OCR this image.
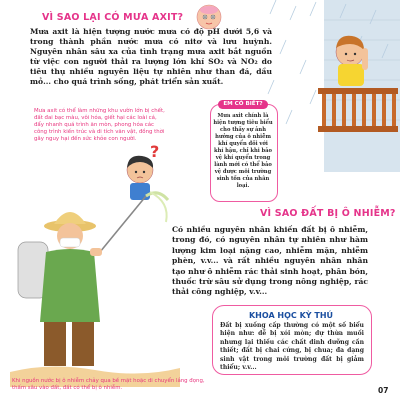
VÌ SAO LẠI CÓ MƯA AXIT?
Mưa axit là hiện tượng nước mưa có độ pH dưới 5,6 và trong thành phần nước mưa có nitơ và lưu huỳnh. Nguyên nhân sâu xa của tình trạng mưa axit bắt nguồn từ việc con người thải ra lượng lớn khí SO₂ và NO₂ do tiêu thụ nhiều nguyên liệu tự nhiên như than đá, dầu mỏ... cho quá trình sống, phát triển sản xuất.
Mưa axit có thể làm những khu vườn lớn bị chết, đất đai bạc màu, vôi hóa, giết hại các loài cá, đẩy nhanh quá trình ăn mòn, phong hóa các công trình kiến trúc và di tích văn vật, đồng thời gây nguy hại đến sức khỏe con người.
?
EM CÓ BIẾT?
Mưa axit chính là hiện tượng tiêu biểu cho thấy sự ảnh hưởng của ô nhiễm khí quyển đối với khí hậu, chỉ khi bảo vệ khí quyển trong lành mới có thể bảo vệ được môi trường sinh tồn của nhân loại.
VÌ SAO ĐẤT BỊ Ô NHIỄM?
Có nhiều nguyên nhân khiến đất bị ô nhiễm, trong đó, có nguyên nhân tự nhiên như hàm lượng kim loại nặng cao, nhiễm mặn, nhiễm phèn, v.v... và rất nhiều nguyên nhân nhân tạo như ô nhiễm rác thải sinh hoạt, phân bón, thuốc trừ sâu sử dụng trong nông nghiệp, rác thải công nghiệp, v.v...
KHOA HỌC KỲ THÚ
Đất bị xuống cấp thường có một số biểu hiện như: dễ bị xói mòn; dự thừa muối nhưng lại thiếu các chất dinh dưỡng cần thiết; đất bị chai cứng, bị chua; đa dạng sinh vật trong môi trường đất bị giảm thiểu; v.v...
Khi nguồn nước bị ô nhiễm chảy qua bề mặt hoặc di chuyển lắng đọng, thấm sâu vào đất, đất có thể bị ô nhiễm.	07
